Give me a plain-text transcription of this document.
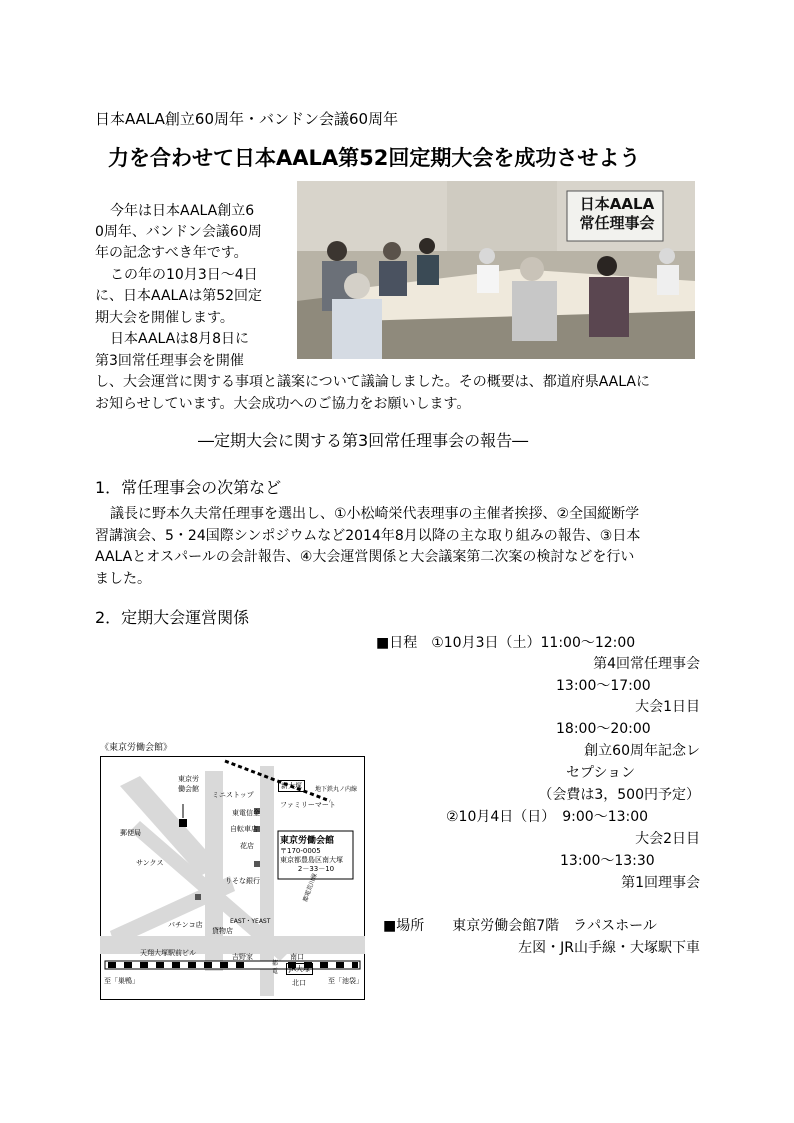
日本AALA創立60周年・バンドン会議60周年
力を合わせて日本AALA第52回定期大会を成功させよう
今年は日本AALA創立6
0周年、バンドン会議60周
年の記念すべき年です。
この年の10月3日～4日
に、日本AALAは第52回定
期大会を開催します。
日本AALAは8月8日に
第3回常任理事会を開催
し、大会運営に関する事項と議案について議論しました。その概要は、都道府県AALAに
お知らせしています。大会成功へのご協力をお願いします。
日本AALA
常任理事会
―定期大会に関する第3回常任理事会の報告―
1．常任理事会の次第など
議長に野本久夫常任理事を選出し、①小松崎栄代表理事の主催者挨拶、②全国縦断学
習講演会、5・24国際シンポジウムなど2014年8月以降の主な取り組みの報告、③日本
AALAとオスパールの会計報告、④大会運営関係と大会議案第二次案の検討などを行い
ました。
2．定期大会運営関係
■日程　①10月3日（土）11:00～12:00
第4回常任理事会
13:00～17:00
大会1日目
18:00～20:00
創立60周年記念レ
セプション
（会費は3，500円予定）
②10月4日（日）　9:00～13:00
大会2日目
13:00～13:30
第1回理事会
■場所　　東京労働会館7階　ラパスホール
左図・JR山手線・大塚駅下車
《東京労働会館》
東京労
働会館
ミニストップ
東電信金
自転車店
花店
ファミリーマート
郵便局
サンクス
りそな銀行
パチンコ店	EAST・YEAST
貸物店
天翔大塚駅前ビル	吉野家
新大塚	地下鉄丸ノ内線
東京労働会館
〒170-0005
東京都豊島区南大塚
2－33－10
南口
JR大塚
北口
都電
都電荒川線
至「巣鴨」	至「池袋」
